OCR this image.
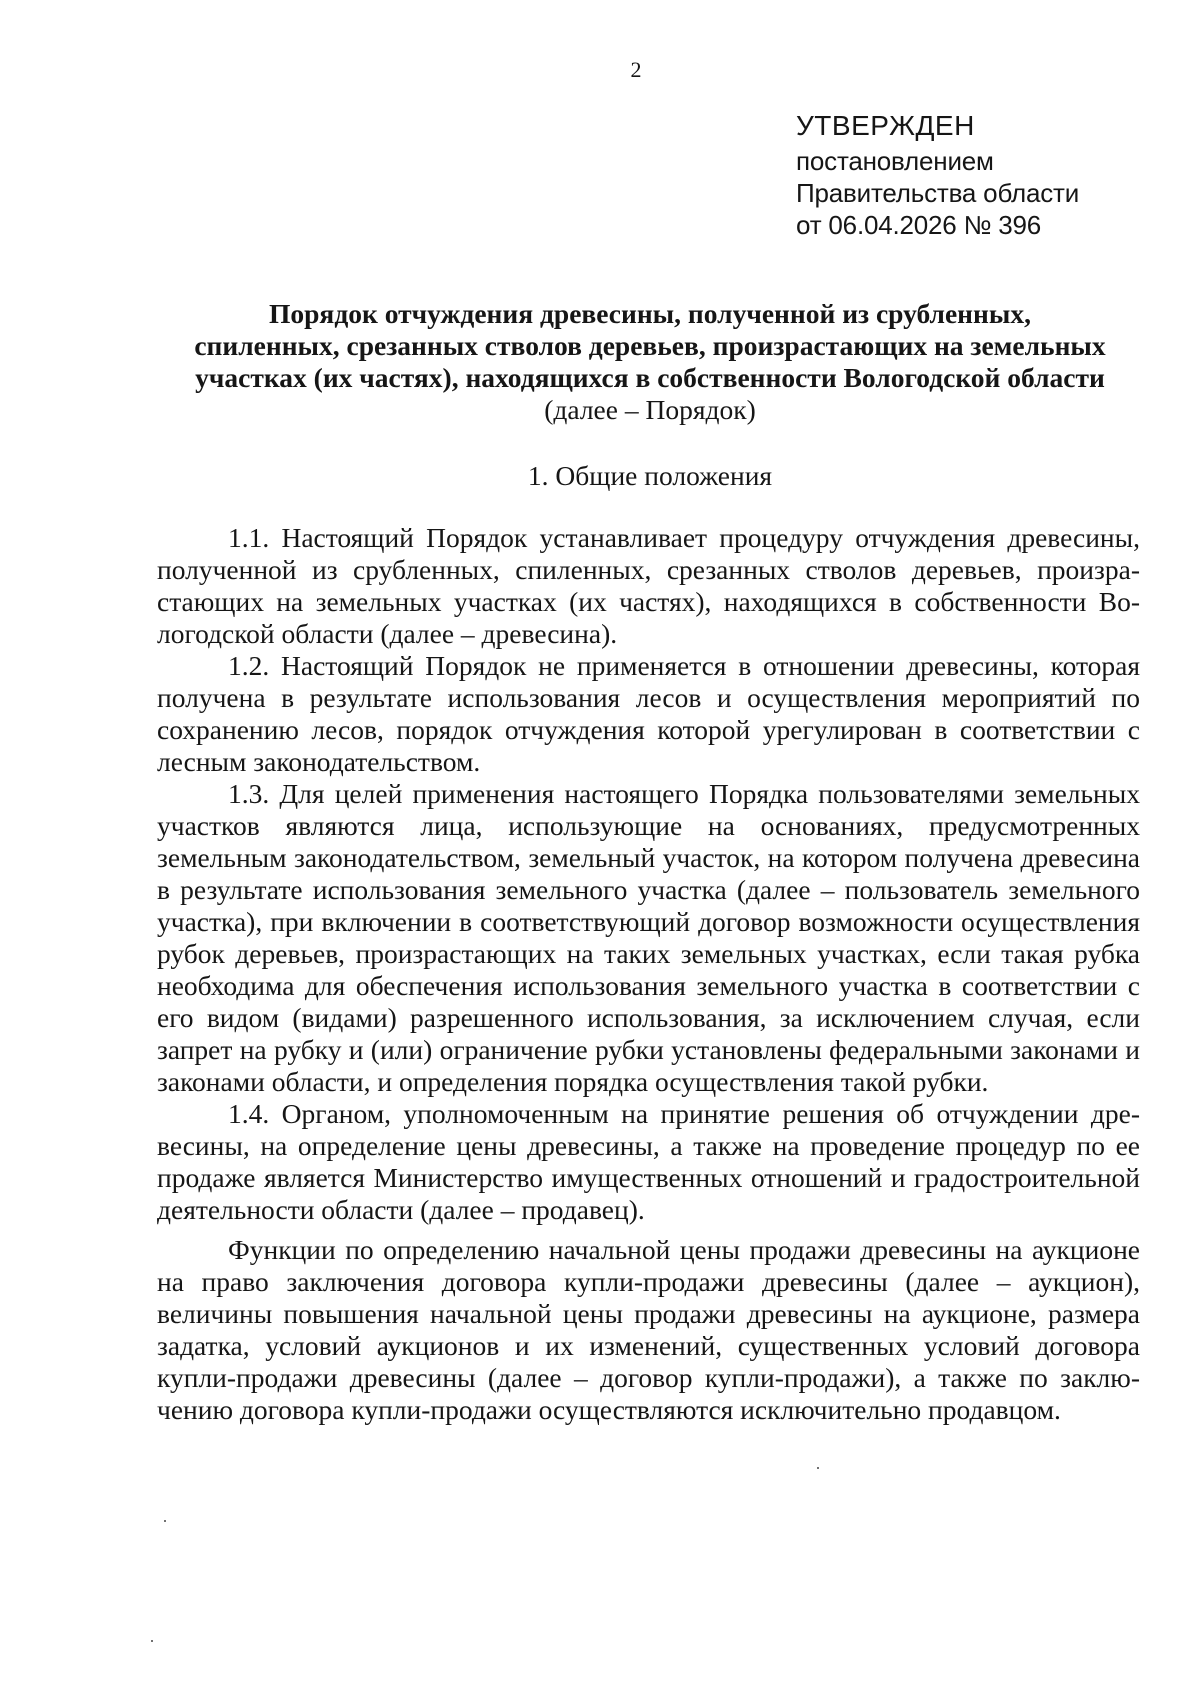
2
УТВЕРЖДЕН
постановлением
Правительства области
от 06.04.2026 № 396
Порядок отчуждения древесины, полученной из срубленных,
спиленных, срезанных стволов деревьев, произрастающих на земельных
участках (их частях), находящихся в собственности Вологодской области
(далее – Порядок)
1. Общие положения

1.1. Настоящий Порядок устанавливает процедуру отчуждения древесины, полученной из срубленных, спиленных, срезанных стволов деревьев, произрастающих на земельных участках (их частях), находящихся в собственности Вологодской области (далее – древесина).

1.2. Настоящий Порядок не применяется в отношении древесины, которая получена в результате использования лесов и осуществления мероприятий по сохранению лесов, порядок отчуждения которой урегулирован в соответствии с лесным законодательством.

1.3. Для целей применения настоящего Порядка пользователями земельных участков являются лица, использующие на основаниях, предусмотренных земельным законодательством, земельный участок, на котором получена древесина в результате использования земельного участка (далее – пользователь земельного участка), при включении в соответствующий договор возможности осуществления рубок деревьев, произрастающих на таких земельных участках, если такая рубка необходима для обеспечения использования земельного участка в соответствии с его видом (видами) разрешенного использования, за исключением случая, если запрет на рубку и (или) ограничение рубки установлены федеральными законами и законами области, и определения порядка осуществления такой рубки.

1.4. Органом, уполномоченным на принятие решения об отчуждении древесины, на определение цены древесины, а также на проведение процедур по ее продаже является Министерство имущественных отношений и градостроительной деятельности области (далее – продавец).

Функции по определению начальной цены продажи древесины на аукционе на право заключения договора купли-продажи древесины (далее – аукцион), величины повышения начальной цены продажи древесины на аукционе, размера задатка, условий аукционов и их изменений, существенных условий договора купли-продажи древесины (далее – договор купли-продажи), а также по заключению договора купли-продажи осуществляются исключительно продавцом.
